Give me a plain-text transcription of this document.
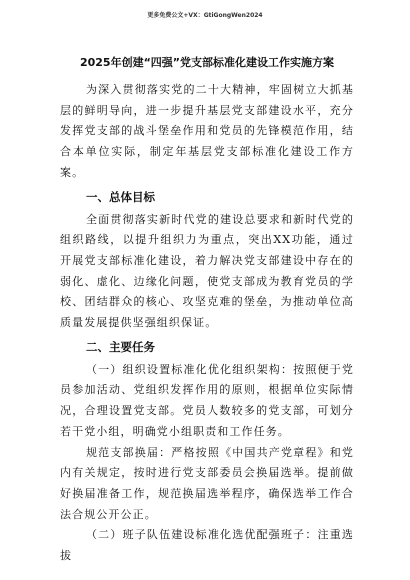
更多免费公文+VX：GtiGongWen2024
2025年创建“四强”党支部标准化建设工作实施方案

为深入贯彻落实党的二十大精神，牢固树立大抓基层的鲜明导向，进一步提升基层党支部建设水平，充分发挥党支部的战斗堡垒作用和党员的先锋模范作用，结合本单位实际，制定年基层党支部标准化建设工作方案。

一、总体目标

全面贯彻落实新时代党的建设总要求和新时代党的组织路线，以提升组织力为重点，突出XX功能，通过开展党支部标准化建设，着力解决党支部建设中存在的弱化、虚化、边缘化问题，使党支部成为教育党员的学校、团结群众的核心、攻坚克难的堡垒，为推动单位高质量发展提供坚强组织保证。

二、主要任务

（一）组织设置标准化优化组织架构：按照便于党员参加活动、党组织发挥作用的原则，根据单位实际情况，合理设置党支部。党员人数较多的党支部，可划分若干党小组，明确党小组职责和工作任务。

规范支部换届：严格按照《中国共产党章程》和党内有关规定，按时进行党支部委员会换届选举。提前做好换届准备工作，规范换届选举程序，确保选举工作合法合规公开公正。

（二）班子队伍建设标准化选优配强班子：注重选拔
